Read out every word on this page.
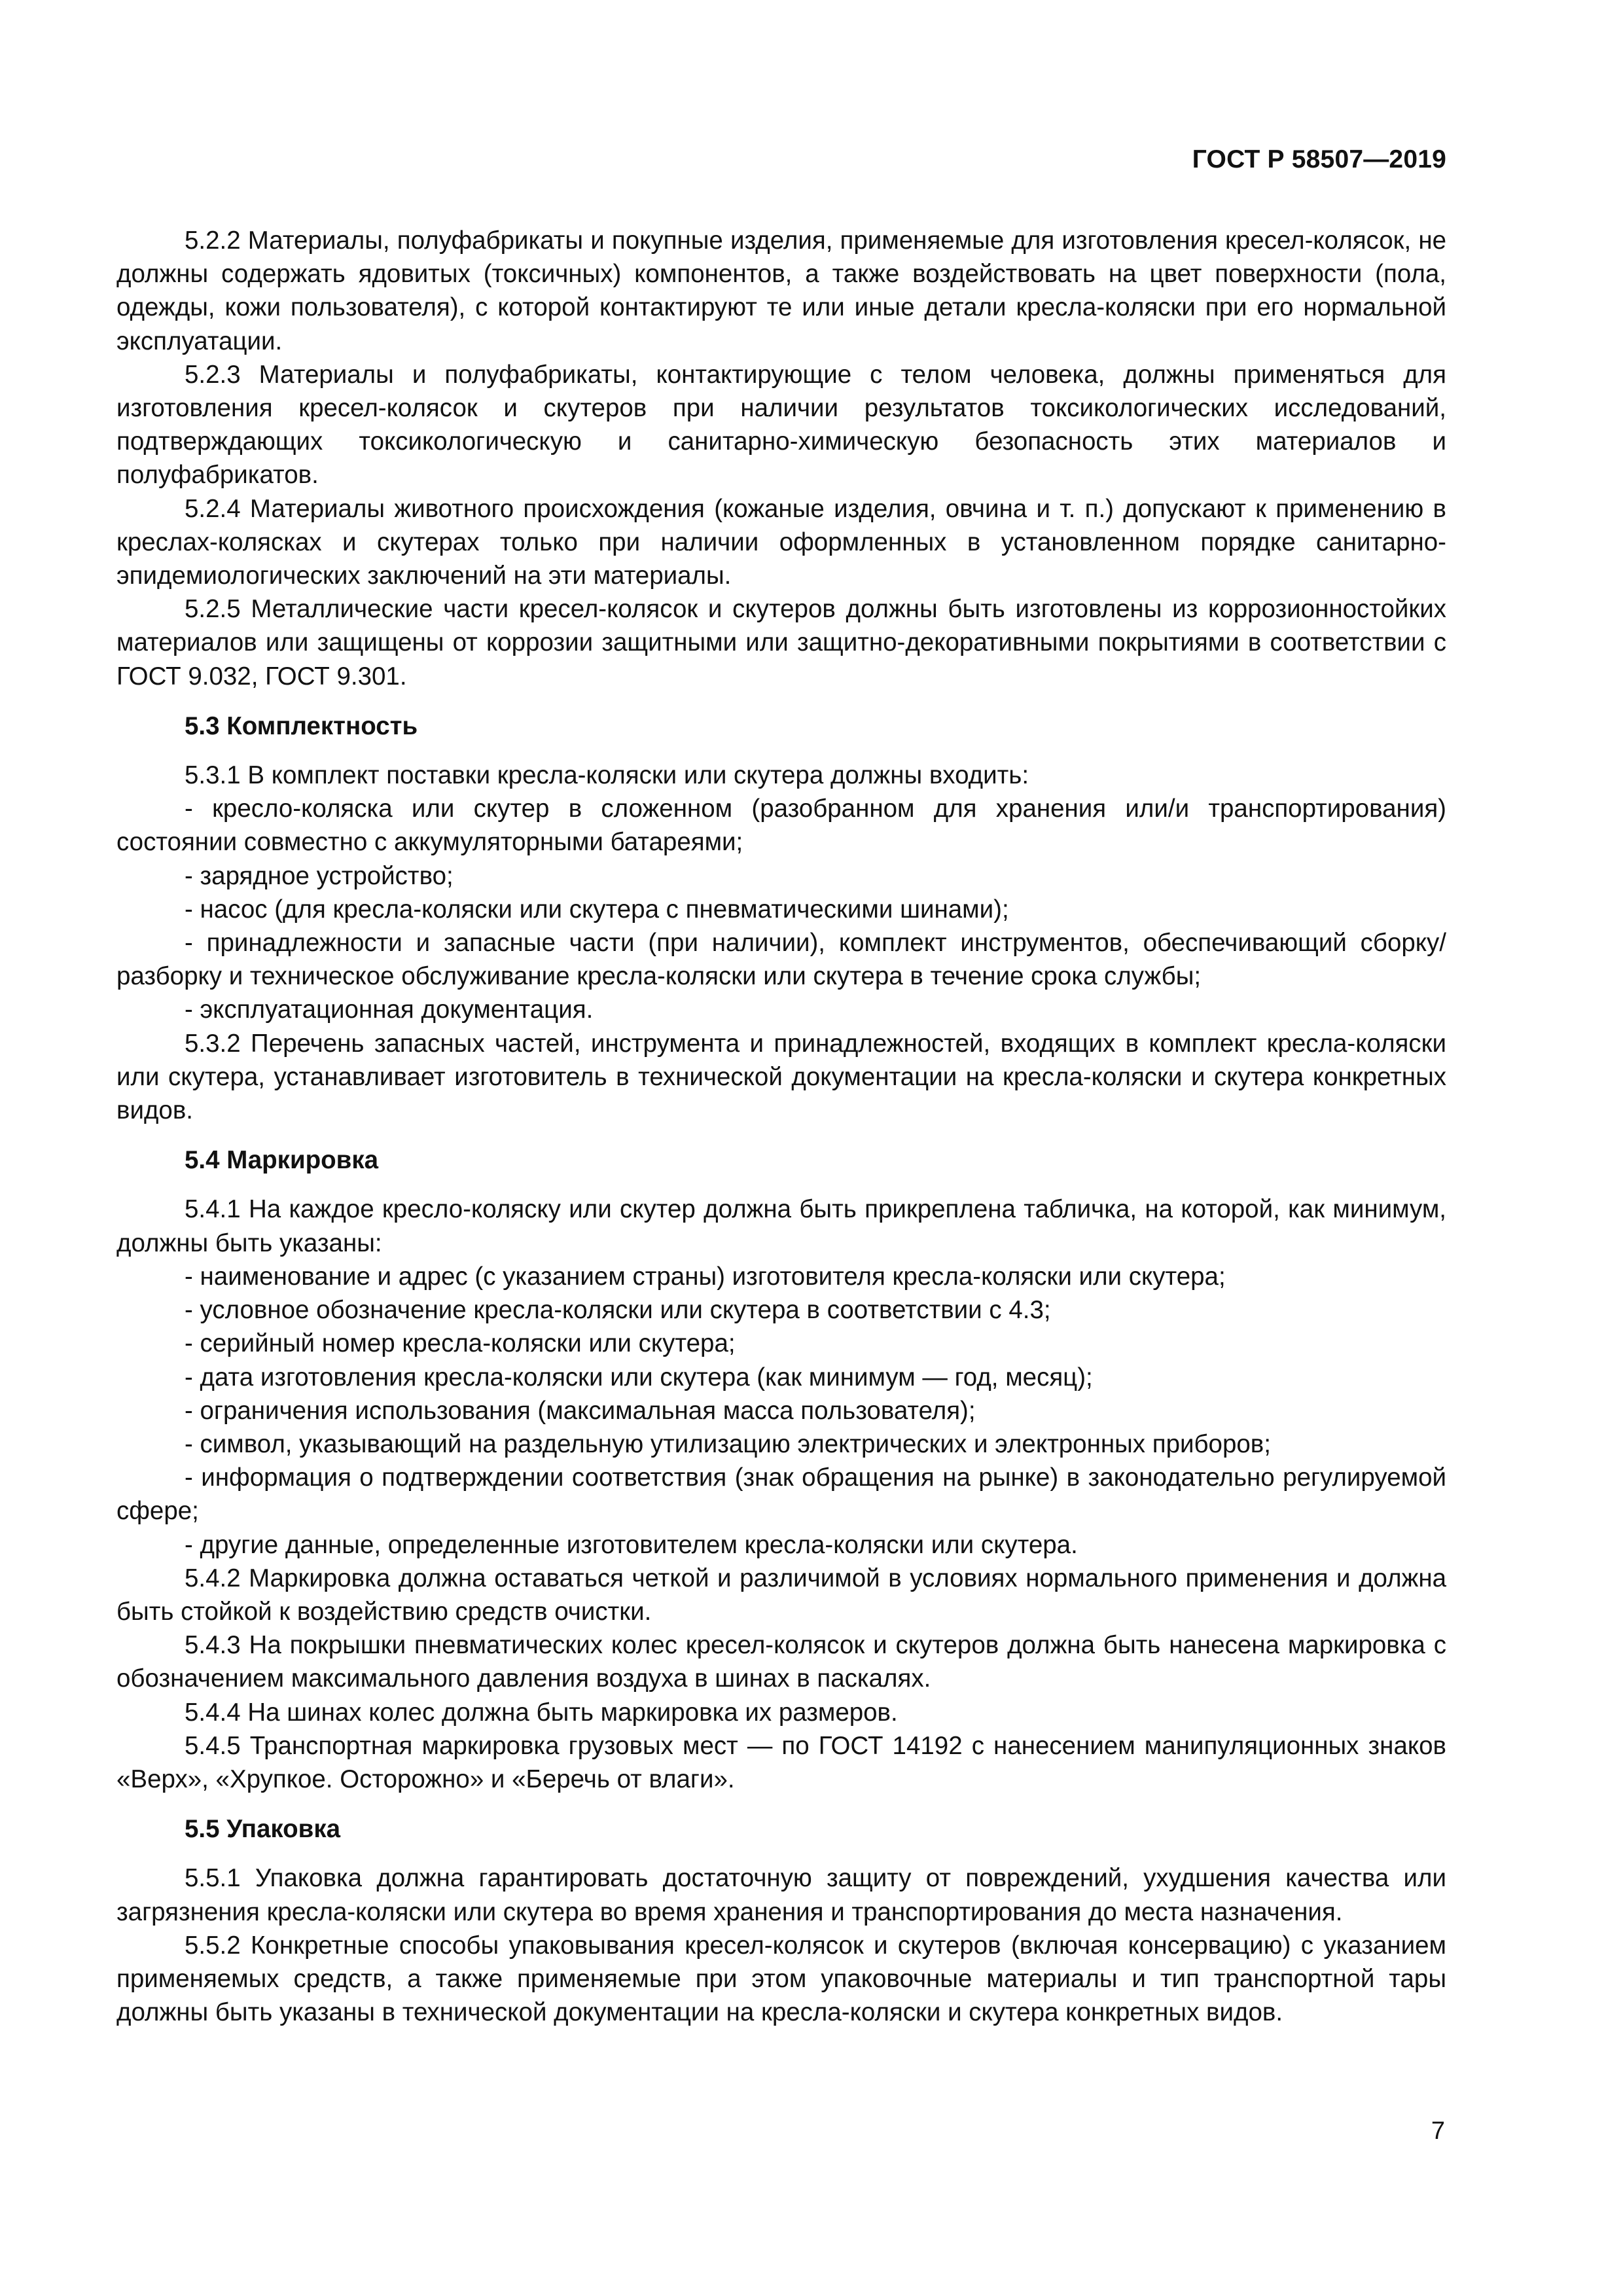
ГОСТ Р 58507—2019

5.2.2 Материалы, полуфабрикаты и покупные изделия, применяемые для изготовления кресел-колясок, не должны содержать ядовитых (токсичных) компонентов, а также воздействовать на цвет поверхности (пола, одежды, кожи пользователя), с которой контактируют те или иные детали кресла-коляски при его нормальной эксплуатации.

5.2.3 Материалы и полуфабрикаты, контактирующие с телом человека, должны применяться для изготовления кресел-колясок и скутеров при наличии результатов токсикологических исследований, подтверждающих токсикологическую и санитарно-химическую безопасность этих материалов и полуфабрикатов.

5.2.4 Материалы животного происхождения (кожаные изделия, овчина и т. п.) допускают к применению в креслах-колясках и скутерах только при наличии оформленных в установленном порядке санитарно-эпидемиологических заключений на эти материалы.

5.2.5 Металлические части кресел-колясок и скутеров должны быть изготовлены из коррозионностойких материалов или защищены от коррозии защитными или защитно-декоративными покрытиями в соответствии с ГОСТ 9.032, ГОСТ 9.301.

5.3 Комплектность

5.3.1 В комплект поставки кресла-коляски или скутера должны входить:

- кресло-коляска или скутер в сложенном (разобранном для хранения или/и транспортирования) состоянии совместно с аккумуляторными батареями;

- зарядное устройство;

- насос (для кресла-коляски или скутера с пневматическими шинами);

- принадлежности и запасные части (при наличии), комплект инструментов, обеспечивающий сборку/разборку и техническое обслуживание кресла-коляски или скутера в течение срока службы;

- эксплуатационная документация.

5.3.2 Перечень запасных частей, инструмента и принадлежностей, входящих в комплект кресла-коляски или скутера, устанавливает изготовитель в технической документации на кресла-коляски и скутера конкретных видов.

5.4 Маркировка

5.4.1 На каждое кресло-коляску или скутер должна быть прикреплена табличка, на которой, как минимум, должны быть указаны:

- наименование и адрес (с указанием страны) изготовителя кресла-коляски или скутера;

- условное обозначение кресла-коляски или скутера в соответствии с 4.3;

- серийный номер кресла-коляски или скутера;

- дата изготовления кресла-коляски или скутера (как минимум — год, месяц);

- ограничения использования (максимальная масса пользователя);

- символ, указывающий на раздельную утилизацию электрических и электронных приборов;

- информация о подтверждении соответствия (знак обращения на рынке) в законодательно регулируемой сфере;

- другие данные, определенные изготовителем кресла-коляски или скутера.

5.4.2 Маркировка должна оставаться четкой и различимой в условиях нормального применения и должна быть стойкой к воздействию средств очистки.

5.4.3 На покрышки пневматических колес кресел-колясок и скутеров должна быть нанесена маркировка с обозначением максимального давления воздуха в шинах в паскалях.

5.4.4 На шинах колес должна быть маркировка их размеров.

5.4.5 Транспортная маркировка грузовых мест — по ГОСТ 14192 с нанесением манипуляционных знаков «Верх», «Хрупкое. Осторожно» и «Беречь от влаги».

5.5 Упаковка

5.5.1 Упаковка должна гарантировать достаточную защиту от повреждений, ухудшения качества или загрязнения кресла-коляски или скутера во время хранения и транспортирования до места назначения.

5.5.2 Конкретные способы упаковывания кресел-колясок и скутеров (включая консервацию) с указанием применяемых средств, а также применяемые при этом упаковочные материалы и тип транспортной тары должны быть указаны в технической документации на кресла-коляски и скутера конкретных видов.

7
